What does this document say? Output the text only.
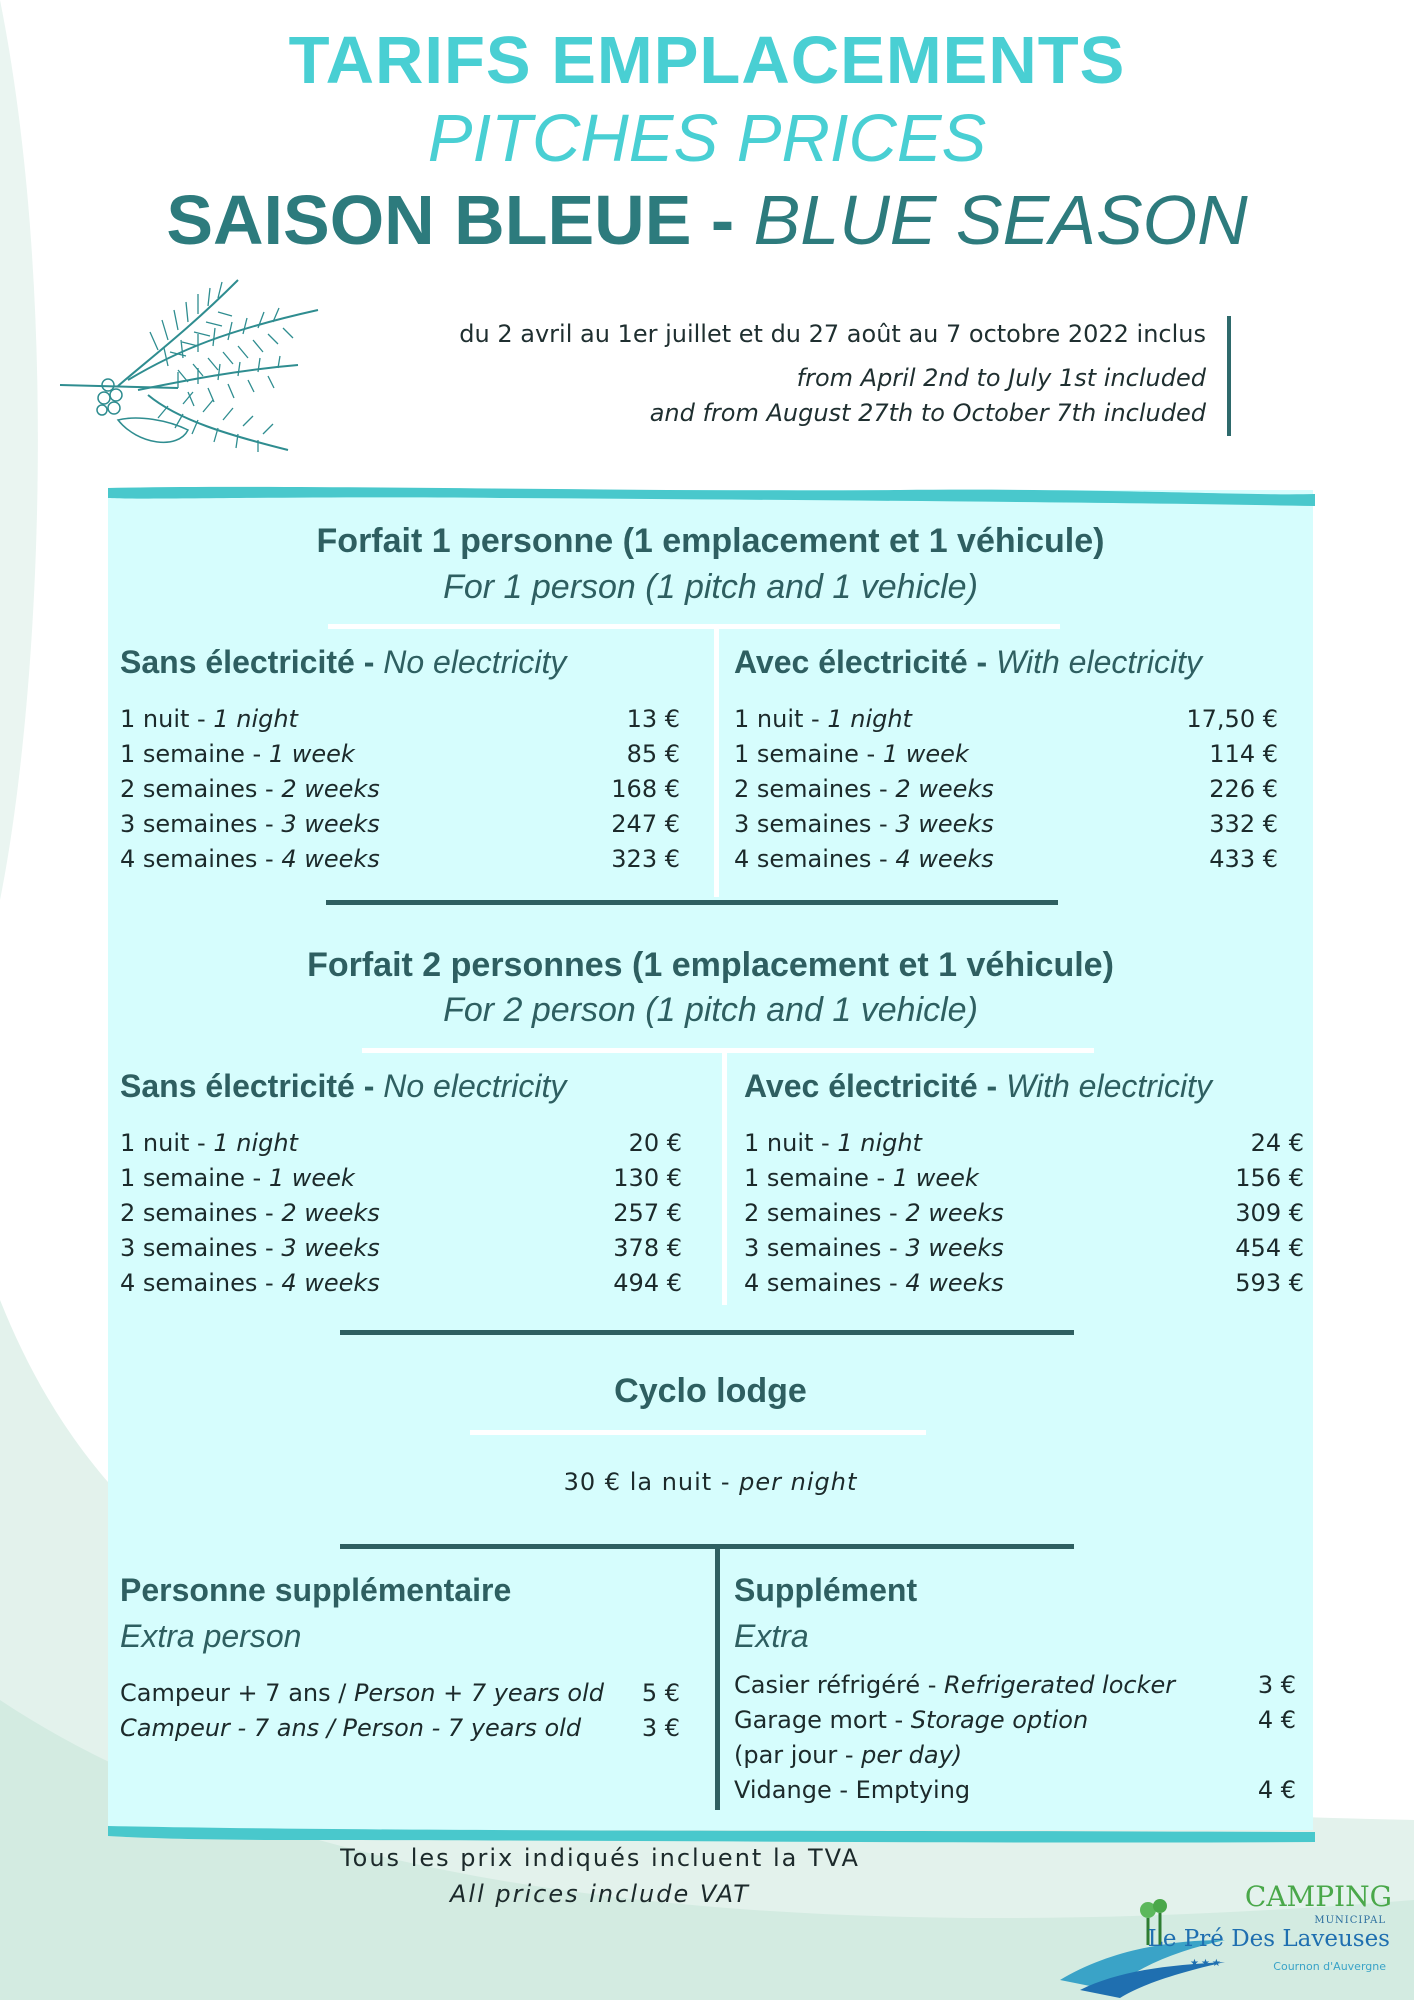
TARIFS EMPLACEMENTS
PITCHES PRICES
SAISON BLEUE - BLUE SEASON
du 2 avril au 1er juillet et du 27 août au 7 octobre 2022 inclus
from April 2nd to July 1st included
and from August 27th to October 7th included
Forfait 1 personne (1 emplacement et 1 véhicule)
For 1 person (1 pitch and 1 vehicle)
Sans électricité - No electricity
1 nuit - 1 night	13 €
1 semaine - 1 week	85 €
2 semaines - 2 weeks	168 €
3 semaines - 3 weeks	247 €
4 semaines - 4 weeks	323 €
Avec électricité - With electricity
1 nuit - 1 night	17,50 €
1 semaine - 1 week	114 €
2 semaines - 2 weeks	226 €
3 semaines - 3 weeks	332 €
4 semaines - 4 weeks	433 €
Forfait 2 personnes (1 emplacement et 1 véhicule)
For 2 person (1 pitch and 1 vehicle)
Sans électricité - No electricity
1 nuit - 1 night	20 €
1 semaine - 1 week	130 €
2 semaines - 2 weeks	257 €
3 semaines - 3 weeks	378 €
4 semaines - 4 weeks	494 €
Avec électricité - With electricity
1 nuit - 1 night	24 €
1 semaine - 1 week	156 €
2 semaines - 2 weeks	309 €
3 semaines - 3 weeks	454 €
4 semaines - 4 weeks	593 €
Cyclo lodge
30 € la nuit - per night
Personne supplémentaire
Extra person
Campeur + 7 ans / Person + 7 years old 5 €
Campeur - 7 ans / Person - 7 years old	3 €
Supplément
Extra
Casier réfrigéré - Refrigerated locker	3 €
Garage mort - Storage option	4 €
(par jour - per day)
Vidange - Emptying	4 €
Tous les prix indiqués incluent la TVA
All prices include VAT	CAMPING
MUNICIPAL
Le Pré Des Laveuses
★★★	Cournon d'Auvergne
